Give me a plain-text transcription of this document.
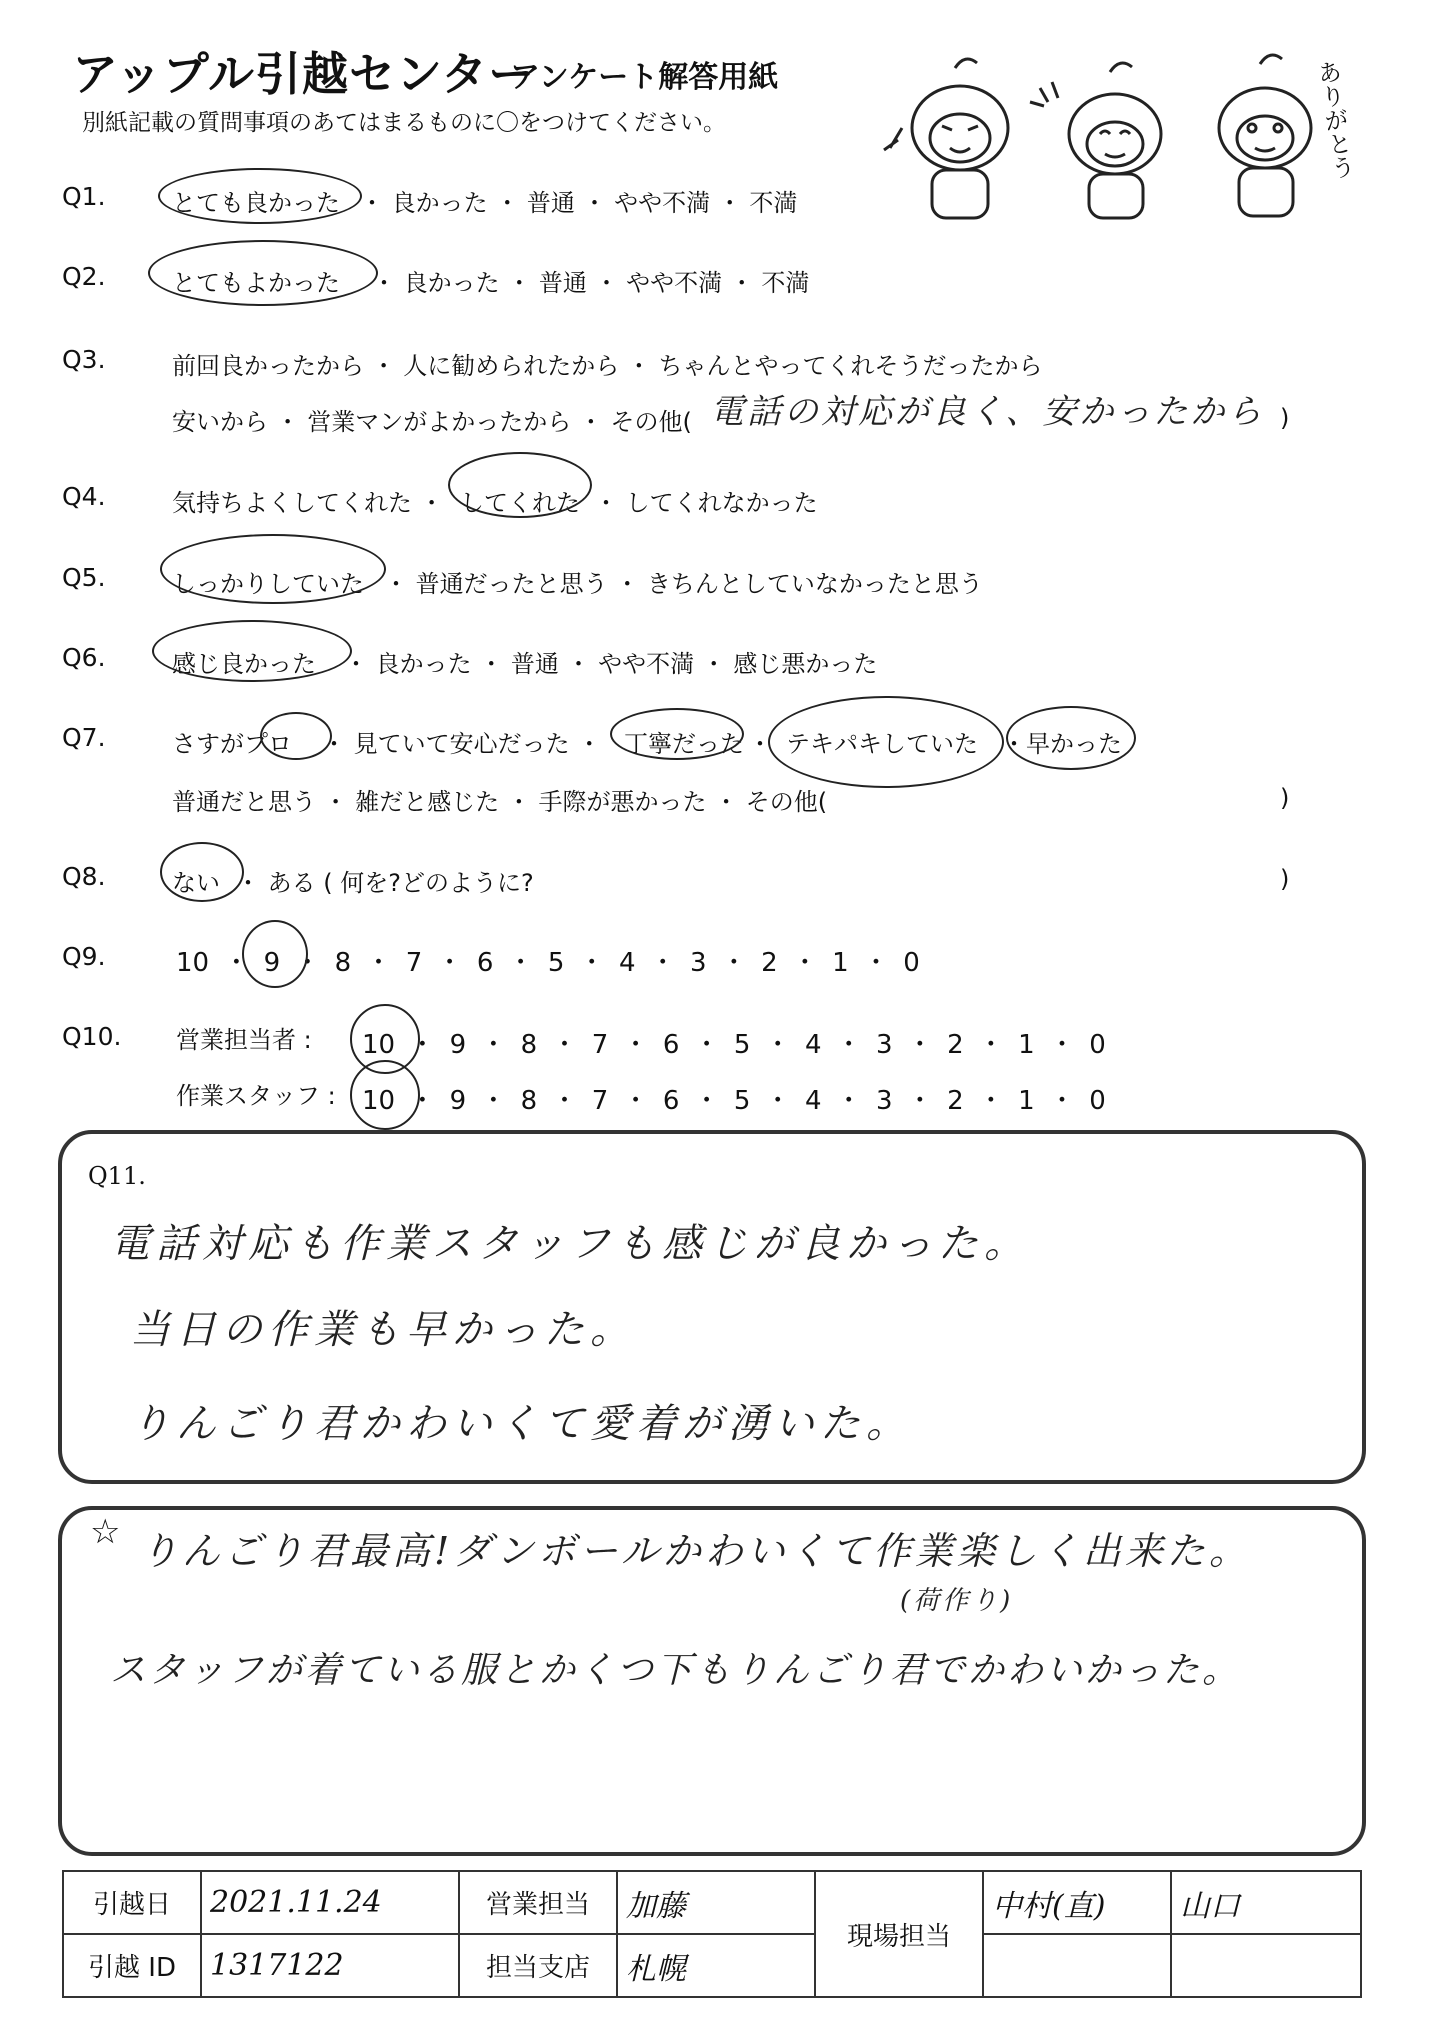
アップル引越センター
アンケート解答用紙
別紙記載の質問事項のあてはまるものに〇をつけてください。	ありがとう
Q1.	とても良かった ・ 良かった ・ 普通 ・ やや不満 ・ 不満
Q2.	とてもよかった ・ 良かった ・ 普通 ・ やや不満 ・ 不満
Q3.	前回良かったから ・ 人に勧められたから ・ ちゃんとやってくれそうだったから
安いから ・ 営業マンがよかったから ・ その他( 電話の対応が良く、安かったから )
Q4.	気持ちよくしてくれた ・ してくれた ・ してくれなかった
Q5.	しっかりしていた ・ 普通だったと思う ・ きちんとしていなかったと思う
Q6.	感じ良かった ・ 良かった ・ 普通 ・ やや不満 ・ 感じ悪かった
Q7.	さすがプロ ・ 見ていて安心だった ・ 丁寧だった ・ テキパキしていた ・ 早かった
普通だと思う ・ 雑だと感じた ・ 手際が悪かった ・ その他(	)
Q8.	ない ・ ある ( 何を?どのように?	)
Q9.	10 ・ 9 ・ 8 ・ 7 ・ 6 ・ 5 ・ 4 ・ 3 ・ 2 ・ 1 ・ 0
Q10. 営業担当者 : 10 ・ 9 ・ 8 ・ 7 ・ 6 ・ 5 ・ 4 ・ 3 ・ 2 ・ 1 ・ 0
作業スタッフ : 10 ・ 9 ・ 8 ・ 7 ・ 6 ・ 5 ・ 4 ・ 3 ・ 2 ・ 1 ・ 0
Q11.
電話対応も作業スタッフも感じが良かった。
当日の作業も早かった。
りんごり君かわいくて愛着が湧いた。
☆ りんごり君最高!ダンボールかわいくて作業楽しく出来た。
(荷作り)
スタッフが着ている服とかくつ下もりんごり君でかわいかった。
引越日	2021.11.24	営業担当	加藤	現場担当	中村(直)	山口
引越 ID	1317122	担当支店	札幌			
